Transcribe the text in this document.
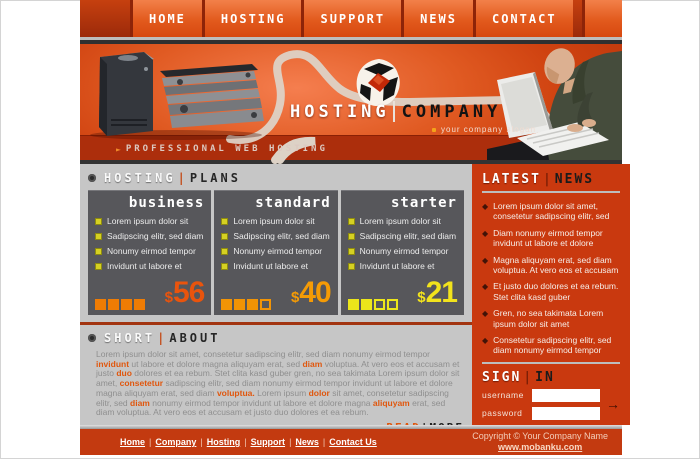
HOME	HOSTING	SUPPORT	NEWS	CONTACT
HOSTING COMPANY
your company slogan
► PROFESSIONAL WEB HOSTING
HOSTING | PLANS
business
Lorem ipsum dolor sit
Sadipscing elitr, sed diam
Nonumy eirmod tempor
Invidunt ut labore et
$56
standard
Lorem ipsum dolor sit
Sadipscing elitr, sed diam
Nonumy eirmod tempor
Invidunt ut labore et
$40
starter
Lorem ipsum dolor sit
Sadipscing elitr, sed diam
Nonumy eirmod tempor
Invidunt ut labore et
$21
SHORT | ABOUT
Lorem ipsum dolor sit amet, consetetur sadipscing elitr, sed diam nonumy eirmod tempor invidunt ut labore et dolore magna aliquyam erat, sed diam voluptua. At vero eos et accusam et justo duo dolores et ea rebum. Stet clita kasd guber gren, no sea takimata Lorem ipsum dolor sit amet, consetetur sadipscing elitr, sed diam nonumy eirmod tempor invidunt ut labore et dolore magna aliquyam erat, sed diam voluptua. Lorem ipsum dolor sit amet, consetetur sadipscing elitr, sed diam nonumy eirmod tempor invidunt ut labore et dolore magna aliquyam erat, sed diam voluptua. At vero eos et accusam et justo duo dolores et ea rebum.
LATEST | NEWS
◆ Lorem ipsum dolor sit amet, consetetur sadipscing elitr, sed
◆ Diam nonumy eirmod tempor invidunt ut labore et dolore
◆ Magna aliquyam erat, sed diam voluptua. At vero eos et accusam
◆ Et justo duo dolores et ea rebum. Stet clita kasd guber
◆ Gren, no sea takimata Lorem ipsum dolor sit amet
◆ Consetetur sadipscing elitr, sed diam nonumy eirmod tempor
SIGN | IN
username
password
→
Home | Company | Hosting | Support | News | Contact Us
Copyright © Your Company Name
www.mobanku.com
